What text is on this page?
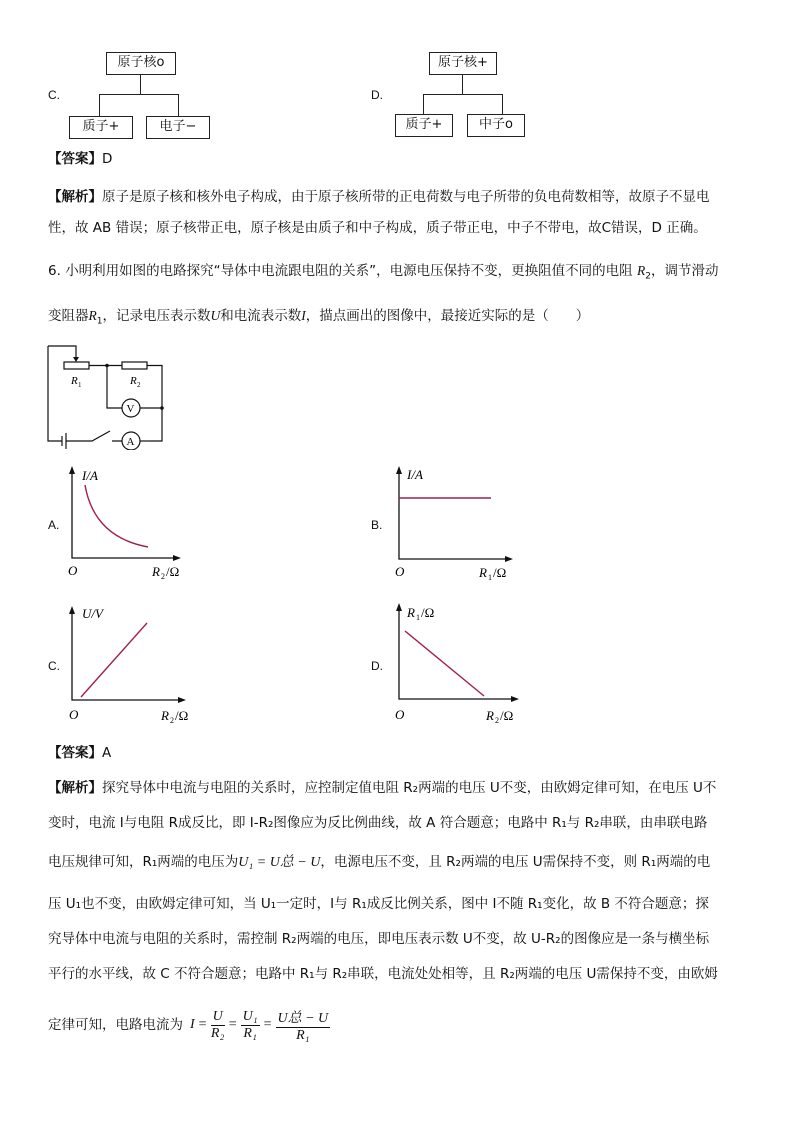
C.
原子核o
质子+	电子−
D.
原子核+
质子+	中子o
【答案】D
【解析】原子是原子核和核外电子构成，由于原子核所带的正电荷数与电子所带的负电荷数相等，故原子不显电
性，故 AB 错误；原子核带正电，原子核是由质子和中子构成，质子带正电，中子不带电，故C错误，D 正确。
6. 小明利用如图的电路探究“导体中电流跟电阻的关系”，电源电压保持不变，更换阻值不同的电阻 $R_2$，调节滑动
变阻器$R_1$，记录电压表示数U和电流表示数I，描点画出的图像中，最接近实际的是（　　）
R 1	R 2
V
A
A.
I/A
O	R 2 /Ω
B.
I/A
O	R 1 /Ω
C.
U/V
O	R 2 /Ω
D.
R 1 /Ω
O	R 2 /Ω
【答案】A
【解析】探究导体中电流与电阻的关系时，应控制定值电阻 R₂两端的电压 U不变，由欧姆定律可知，在电压 U不
变时，电流 I与电阻 R成反比，即 I-R₂图像应为反比例曲线，故 A 符合题意；电路中 R₁与 R₂串联，由串联电路
电压规律可知，R₁两端的电压为U₁ = U总 − U，电源电压不变，且 R₂两端的电压 U需保持不变，则 R₁两端的电
压 U₁也不变，由欧姆定律可知，当 U₁一定时，I与 R₁成反比例关系，图中 I不随 R₁变化，故 B 不符合题意；探
究导体中电流与电阻的关系时，需控制 R₂两端的电压，即电压表示数 U不变，故 U-R₂的图像应是一条与横坐标
平行的水平线，故 C 不符合题意；电路中 R₁与 R₂串联，电流处处相等，且 R₂两端的电压 U需保持不变，由欧姆
定律可知，电路电流为 $I = \frac{U}{\text{R₂}} = \frac{\text{U₁}}{\text{R₁}} = U$总 − U
R₁
